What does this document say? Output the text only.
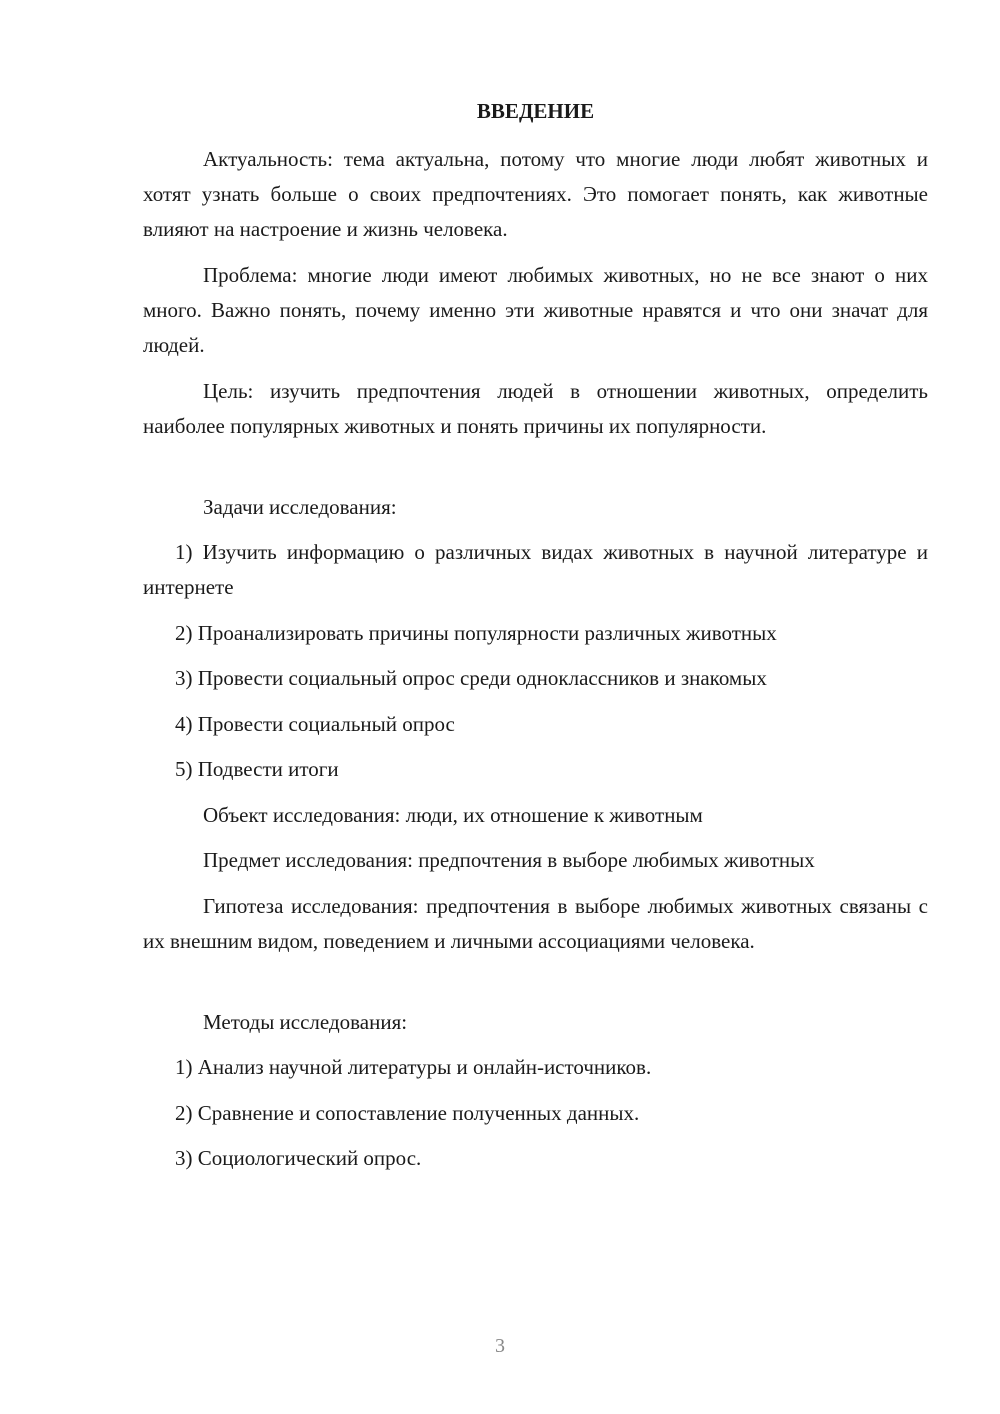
ВВЕДЕНИЕ

Актуальность: тема актуальна, потому что многие люди любят животных и хотят узнать больше о своих предпочтениях. Это помогает понять, как животные влияют на настроение и жизнь человека.

Проблема: многие люди имеют любимых животных, но не все знают о них много. Важно понять, почему именно эти животные нравятся и что они значат для людей.

Цель: изучить предпочтения людей в отношении животных, определить наиболее популярных животных и понять причины их популярности.

Задачи исследования:

1) Изучить информацию о различных видах животных в научной литературе и интернете

2) Проанализировать причины популярности различных животных

3) Провести социальный опрос среди одноклассников и знакомых

4) Провести социальный опрос

5) Подвести итоги

Объект исследования: люди, их отношение к животным

Предмет исследования: предпочтения в выборе любимых животных

Гипотеза исследования: предпочтения в выборе любимых животных связаны с их внешним видом, поведением и личными ассоциациями человека.

Методы исследования:

1) Анализ научной литературы и онлайн-источников.

2) Сравнение и сопоставление полученных данных.

3) Социологический опрос.

3
